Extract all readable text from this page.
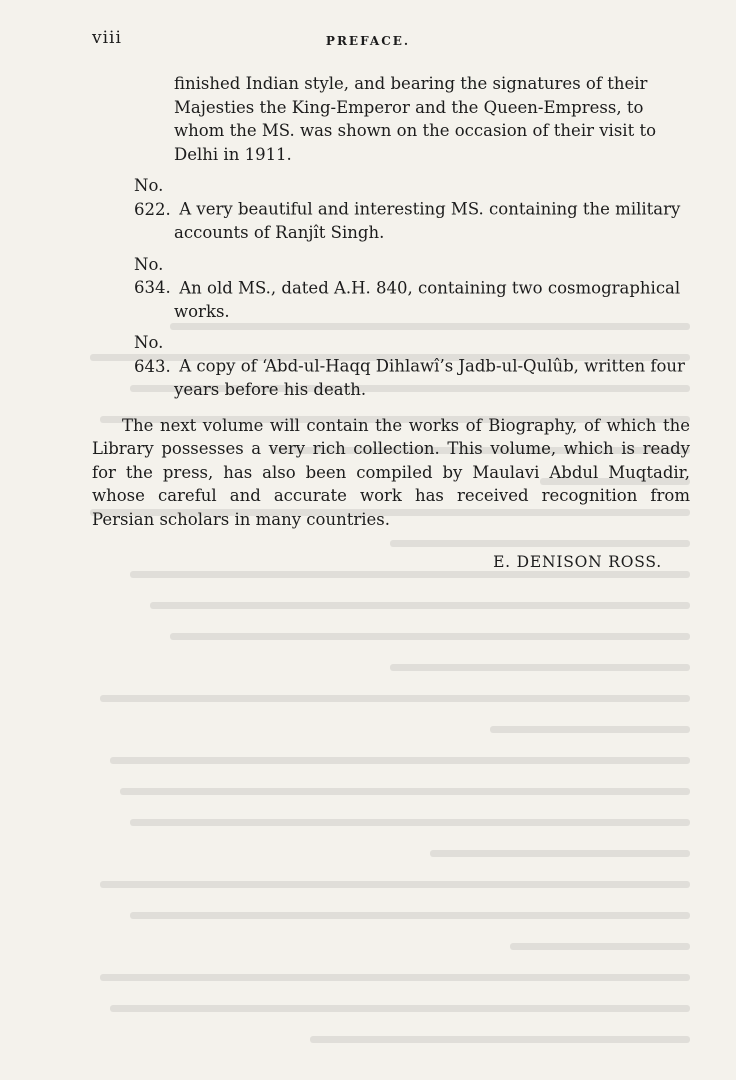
viii	PREFACE.
finished Indian style, and bearing the signatures of their Majesties the King-Emperor and the Queen-Empress, to whom the MS. was shown on the occasion of their visit to Delhi in 1911.
No. 622. A very beautiful and interesting MS. containing the military accounts of Ranjît Singh.
No. 634. An old MS., dated A.H. 840, containing two cosmographical works.
No. 643. A copy of ‘Abd-ul-Haqq Dihlawî’s Jadb-ul-Qulûb, written four years before his death.
The next volume will contain the works of Biography, of which the Library possesses a very rich collection. This volume, which is ready for the press, has also been compiled by Maulavi Abdul Muqtadir, whose careful and accurate work has received recognition from Persian scholars in many countries.
E. DENISON ROSS.
